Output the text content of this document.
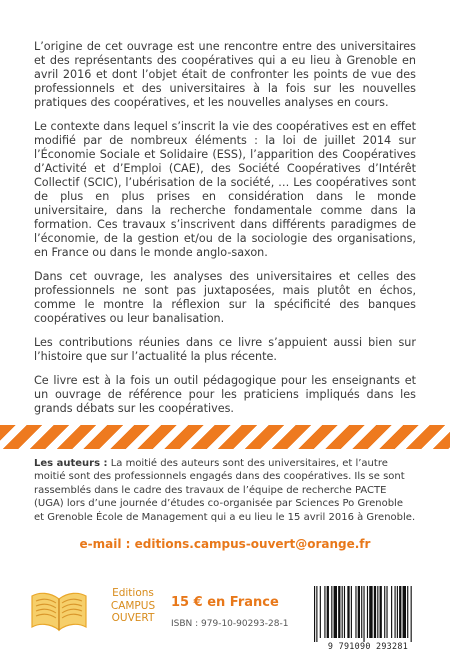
L’origine de cet ouvrage est une rencontre entre des universitaires et des représentants des coopératives qui a eu lieu à Grenoble en avril 2016 et dont l’objet était de confronter les points de vue des professionnels et des universitaires à la fois sur les nouvelles pratiques des coopératives, et les nouvelles analyses en cours.

Le contexte dans lequel s’inscrit la vie des coopératives est en effet modifié par de nombreux éléments : la loi de juillet 2014 sur l’Économie Sociale et Solidaire (ESS), l’apparition des Coopératives d’Activité et d’Emploi (CAE), des Société Coopératives d’Intérêt Collectif (SCIC), l’ubérisation de la société, … Les coopératives sont de plus en plus prises en considération dans le monde universitaire, dans la recherche fondamentale comme dans la formation. Ces travaux s’inscrivent dans différents paradigmes de l’économie, de la gestion et/ou de la sociologie des organisations, en France ou dans le monde anglo-saxon.

Dans cet ouvrage, les analyses des universitaires et celles des professionnels ne sont pas juxtaposées, mais plutôt en échos, comme le montre la réflexion sur la spécificité des banques coopératives ou leur banalisation.

Les contributions réunies dans ce livre s’appuient aussi bien sur l’histoire que sur l’actualité la plus récente.

Ce livre est à la fois un outil pédagogique pour les enseignants et un ouvrage de référence pour les praticiens impliqués dans les grands débats sur les coopératives.

Les auteurs : La moitié des auteurs sont des universitaires, et l’autre moitié sont des professionnels engagés dans des coopératives. Ils se sont rassemblés dans le cadre des travaux de l’équipe de recherche PACTE (UGA) lors d’une journée d’études co-organisée par Sciences Po Grenoble et Grenoble École de Management qui a eu lieu le 15 avril 2016 à Grenoble.
e-mail : editions.campus-ouvert@orange.fr
Editions
CAMPUS
OUVERT
15 € en France
ISBN : 979-10-90293-28-1
9 791090 293281
